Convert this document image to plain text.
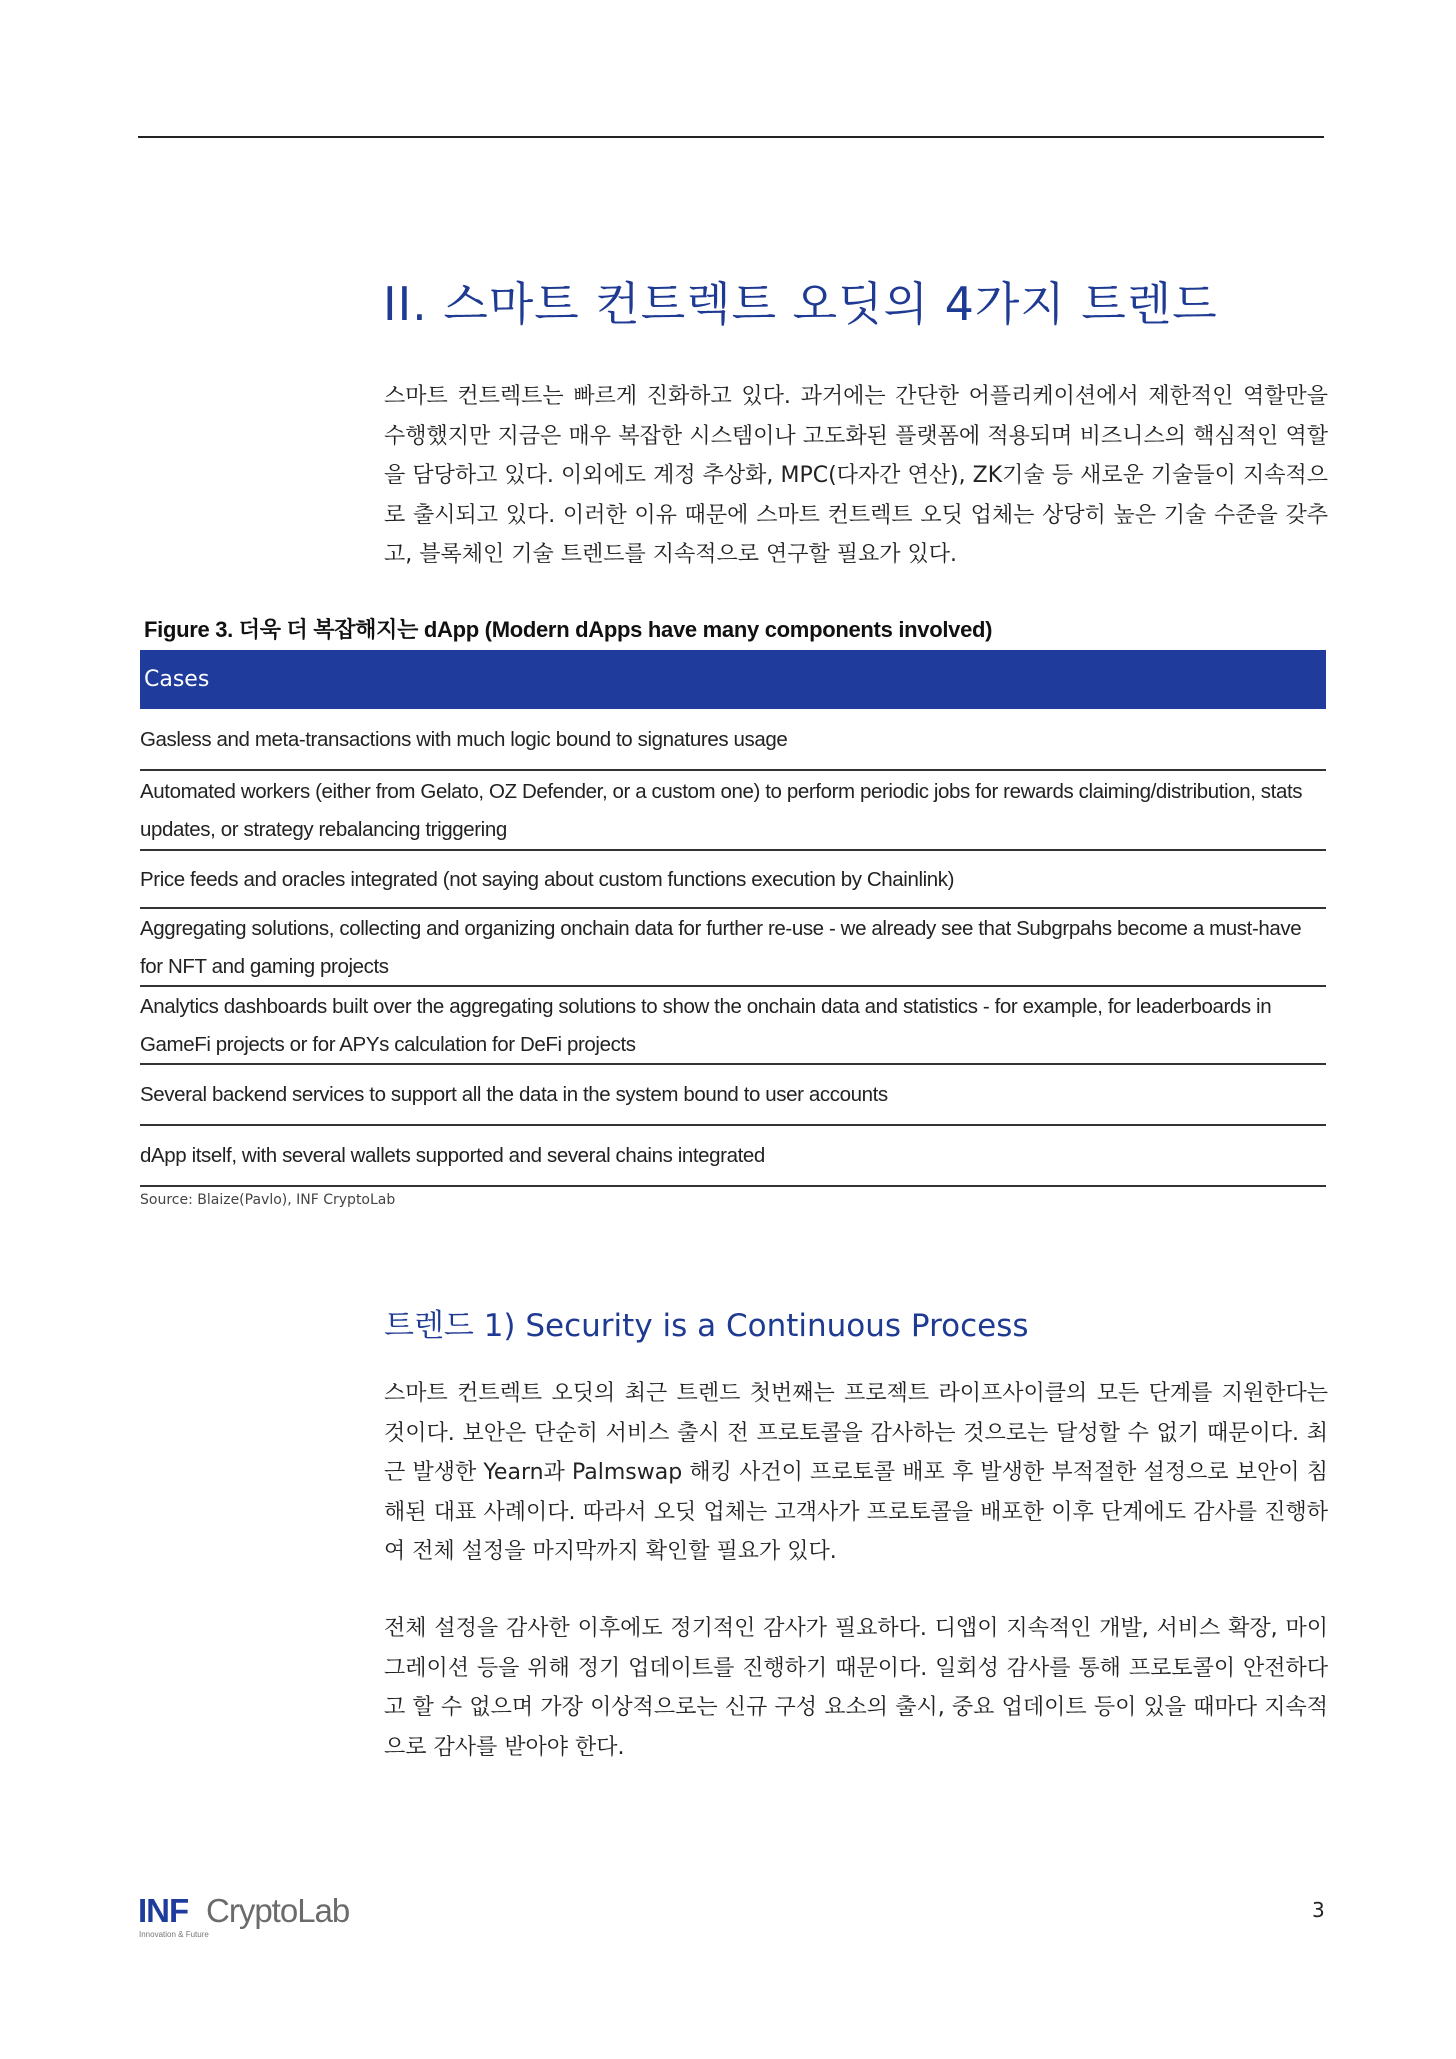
II. 스마트 컨트렉트 오딧의 4가지 트렌드

스마트 컨트렉트는 빠르게 진화하고 있다. 과거에는 간단한 어플리케이션에서 제한적인 역할만을 수행했지만 지금은 매우 복잡한 시스템이나 고도화된 플랫폼에 적용되며 비즈니스의 핵심적인 역할을 담당하고 있다. 이외에도 계정 추상화, MPC(다자간 연산), ZK기술 등 새로운 기술들이 지속적으로 출시되고 있다. 이러한 이유 때문에 스마트 컨트렉트 오딧 업체는 상당히 높은 기술 수준을 갖추고, 블록체인 기술 트렌드를 지속적으로 연구할 필요가 있다.

Figure 3. 더욱 더 복잡해지는 dApp (Modern dApps have many components involved)

Cases
Gasless and meta-transactions with much logic bound to signatures usage
Automated workers (either from Gelato, OZ Defender, or a custom one) to perform periodic jobs for rewards claiming/distribution, stats updates, or strategy rebalancing triggering
Price feeds and oracles integrated (not saying about custom functions execution by Chainlink)
Aggregating solutions, collecting and organizing onchain data for further re-use - we already see that Subgrpahs become a must-have for NFT and gaming projects
Analytics dashboards built over the aggregating solutions to show the onchain data and statistics - for example, for leaderboards in GameFi projects or for APYs calculation for DeFi projects
Several backend services to support all the data in the system bound to user accounts
dApp itself, with several wallets supported and several chains integrated

Source: Blaize(Pavlo), INF CryptoLab

트렌드 1) Security is a Continuous Process

스마트 컨트렉트 오딧의 최근 트렌드 첫번째는 프로젝트 라이프사이클의 모든 단계를 지원한다는 것이다. 보안은 단순히 서비스 출시 전 프로토콜을 감사하는 것으로는 달성할 수 없기 때문이다. 최근 발생한 Yearn과 Palmswap 해킹 사건이 프로토콜 배포 후 발생한 부적절한 설정으로 보안이 침해된 대표 사례이다. 따라서 오딧 업체는 고객사가 프로토콜을 배포한 이후 단계에도 감사를 진행하여 전체 설정을 마지막까지 확인할 필요가 있다.

전체 설정을 감사한 이후에도 정기적인 감사가 필요하다. 디앱이 지속적인 개발, 서비스 확장, 마이그레이션 등을 위해 정기 업데이트를 진행하기 때문이다. 일회성 감사를 통해 프로토콜이 안전하다고 할 수 없으며 가장 이상적으로는 신규 구성 요소의 출시, 중요 업데이트 등이 있을 때마다 지속적으로 감사를 받아야 한다.

INF CryptoLab
Innovation & Future
3
